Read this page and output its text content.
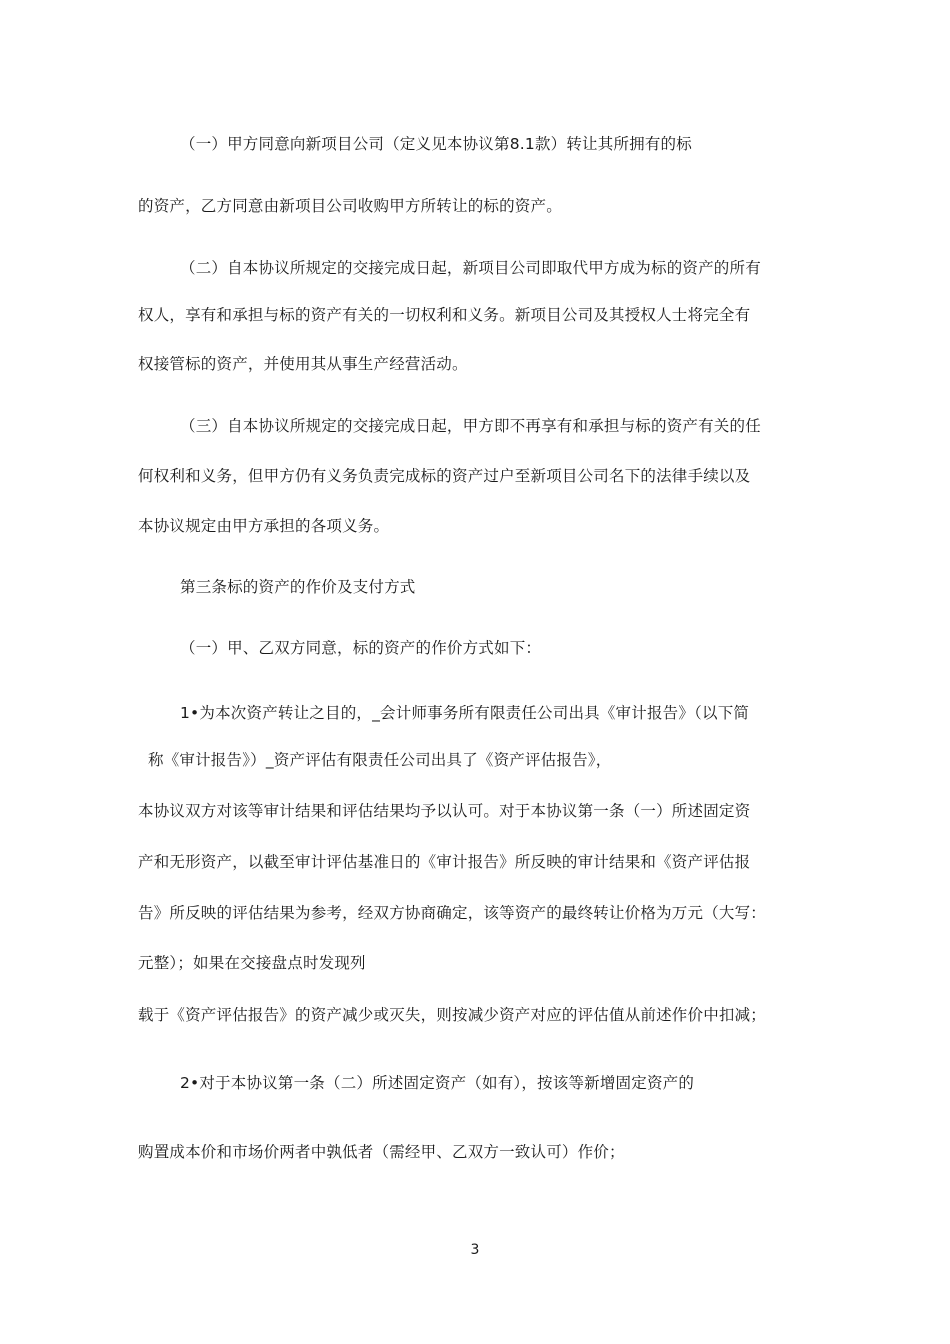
（一）甲方同意向新项目公司（定义见本协议第8.1款）转让其所拥有的标
的资产，乙方同意由新项目公司收购甲方所转让的标的资产。
（二）自本协议所规定的交接完成日起，新项目公司即取代甲方成为标的资产的所有
权人，享有和承担与标的资产有关的一切权利和义务。新项目公司及其授权人士将完全有
权接管标的资产，并使用其从事生产经营活动。
（三）自本协议所规定的交接完成日起，甲方即不再享有和承担与标的资产有关的任
何权利和义务，但甲方仍有义务负责完成标的资产过户至新项目公司名下的法律手续以及
本协议规定由甲方承担的各项义务。
第三条标的资产的作价及支付方式
（一）甲、乙双方同意，标的资产的作价方式如下：
1•为本次资产转让之目的，_会计师事务所有限责任公司出具《审计报告》（以下简
称《审计报告》）_资产评估有限责任公司出具了《资产评估报告》，
本协议双方对该等审计结果和评估结果均予以认可。对于本协议第一条（一）所述固定资
产和无形资产，以截至审计评估基准日的《审计报告》所反映的审计结果和《资产评估报
告》所反映的评估结果为参考，经双方协商确定，该等资产的最终转让价格为万元（大写：
元整）；如果在交接盘点时发现列
载于《资产评估报告》的资产减少或灭失，则按减少资产对应的评估值从前述作价中扣减；
2•对于本协议第一条（二）所述固定资产（如有），按该等新增固定资产的
购置成本价和市场价两者中孰低者（需经甲、乙双方一致认可）作价；
3
